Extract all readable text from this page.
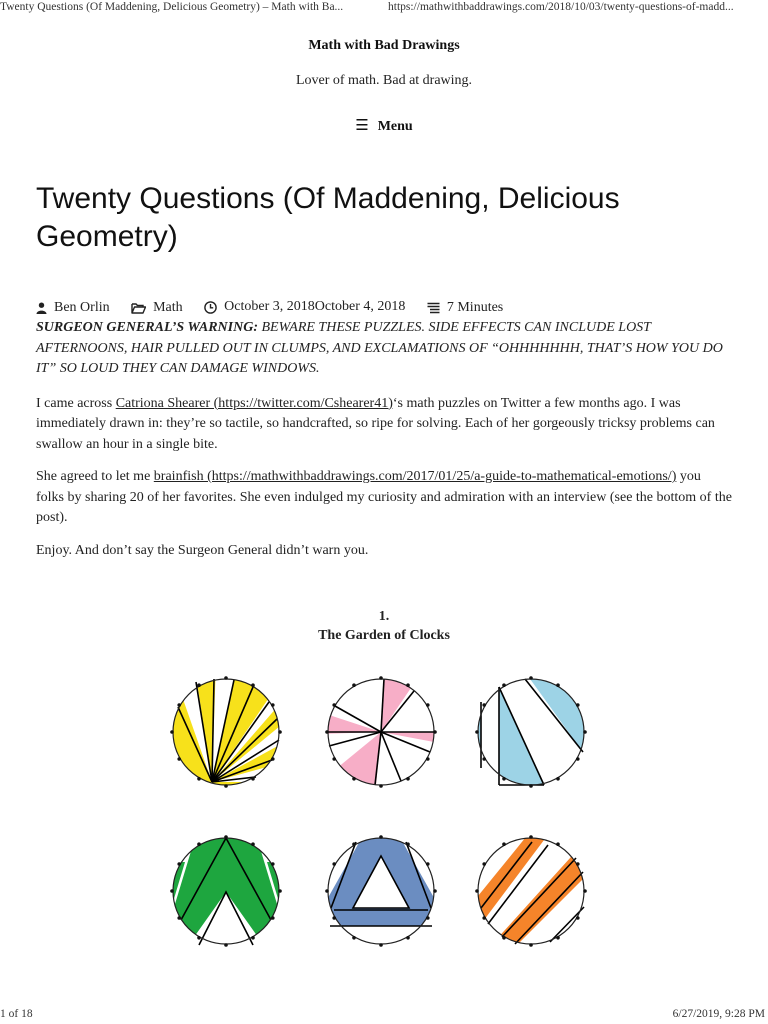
Twenty Questions (Of Maddening, Delicious Geometry) – Math with Ba...	https://mathwithbaddrawings.com/2018/10/03/twenty-questions-of-madd...
Math with Bad Drawings
Lover of math. Bad at drawing.
☰ Menu
Twenty Questions (Of Maddening, Delicious Geometry)
Ben Orlin
	Math
	October 3, 2018October 4, 2018
	7 Minutes

SURGEON GENERAL’S WARNING: BEWARE THESE PUZZLES. SIDE EFFECTS CAN INCLUDE LOST AFTERNOONS, HAIR PULLED OUT IN CLUMPS, AND EXCLAMATIONS OF “OHHHHHHH, THAT’S HOW YOU DO IT” SO LOUD THEY CAN DAMAGE WINDOWS.

I came across Catriona Shearer (https://twitter.com/Cshearer41)‘s math puzzles on Twitter a few months ago. I was immediately drawn in: they’re so tactile, so handcrafted, so ripe for solving. Each of her gorgeously tricksy problems can swallow an hour in a single bite.

She agreed to let me brainfish (https://mathwithbaddrawings.com/2017/01/25/a-guide-to-mathematical-emotions/) you folks by sharing 20 of her favorites. She even indulged my curiosity and admiration with an interview (see the bottom of the post).

Enjoy. And don’t say the Surgeon General didn’t warn you.

1.
The Garden of Clocks
1 of 18	6/27/2019, 9:28 PM
